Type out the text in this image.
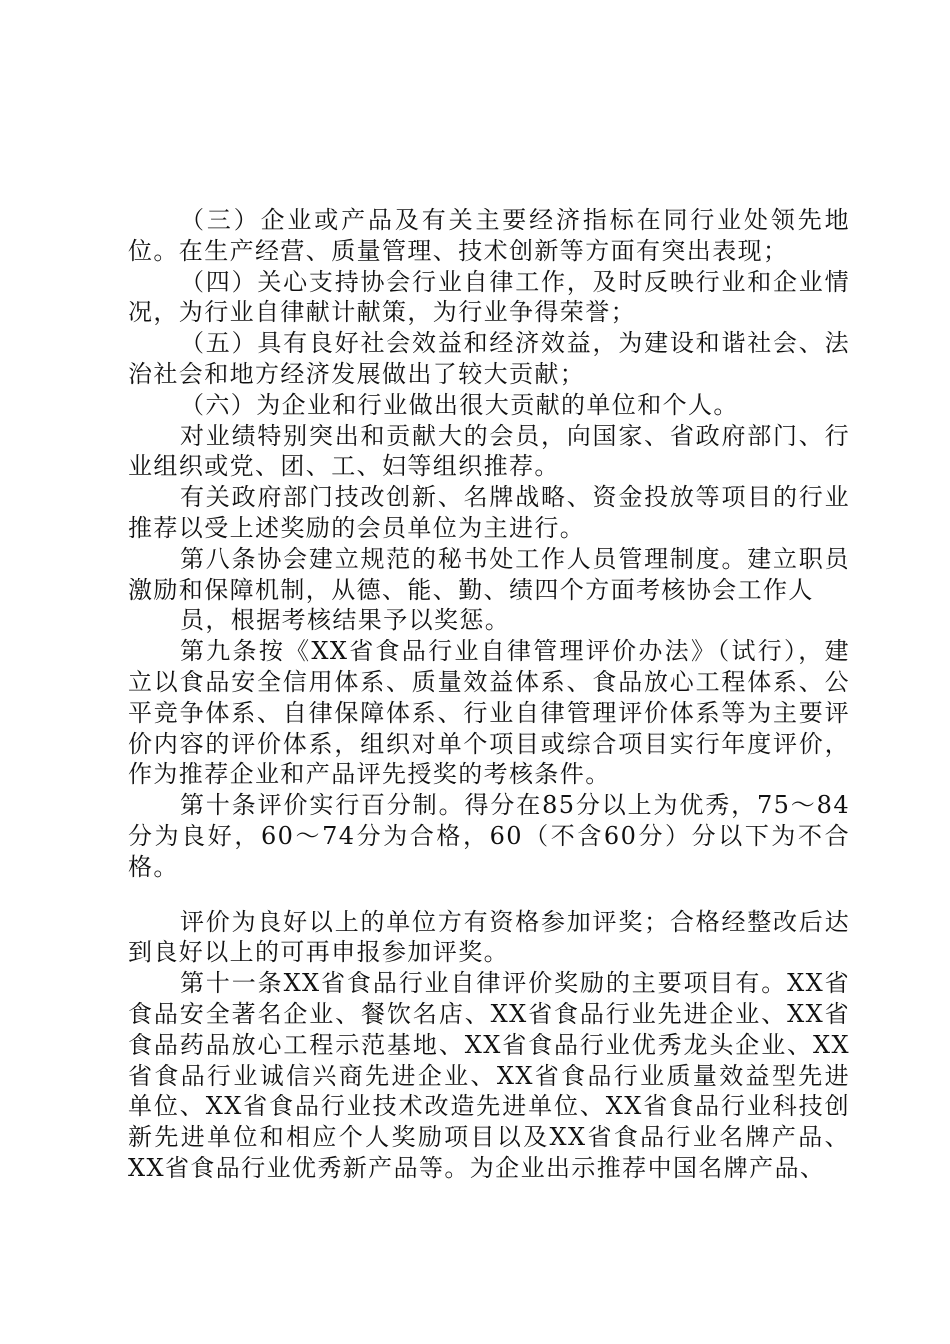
（三）企业或产品及有关主要经济指标在同行业处领先地位。在生产经营、质量管理、技术创新等方面有突出表现；

（四）关心支持协会行业自律工作，及时反映行业和企业情况，为行业自律献计献策，为行业争得荣誉；

（五）具有良好社会效益和经济效益，为建设和谐社会、法治社会和地方经济发展做出了较大贡献；

（六）为企业和行业做出很大贡献的单位和个人。

对业绩特别突出和贡献大的会员，向国家、省政府部门、行业组织或党、团、工、妇等组织推荐。

有关政府部门技改创新、名牌战略、资金投放等项目的行业推荐以受上述奖励的会员单位为主进行。

第八条协会建立规范的秘书处工作人员管理制度。建立职员激励和保障机制，从德、能、勤、绩四个方面考核协会工作人

员，根据考核结果予以奖惩。

第九条按《XX省食品行业自律管理评价办法》（试行），建立以食品安全信用体系、质量效益体系、食品放心工程体系、公平竞争体系、自律保障体系、行业自律管理评价体系等为主要评价内容的评价体系，组织对单个项目或综合项目实行年度评价，作为推荐企业和产品评先授奖的考核条件。

第十条评价实行百分制。得分在85分以上为优秀，75～84分为良好，60～74分为合格，60（不含60分）分以下为不合格。

评价为良好以上的单位方有资格参加评奖；合格经整改后达到良好以上的可再申报参加评奖。

第十一条XX省食品行业自律评价奖励的主要项目有。XX省食品安全著名企业、餐饮名店、XX省食品行业先进企业、XX省食品药品放心工程示范基地、XX省食品行业优秀龙头企业、XX省食品行业诚信兴商先进企业、XX省食品行业质量效益型先进单位、XX省食品行业技术改造先进单位、XX省食品行业科技创新先进单位和相应个人奖励项目以及XX省食品行业名牌产品、XX省食品行业优秀新产品等。为企业出示推荐中国名牌产品、
